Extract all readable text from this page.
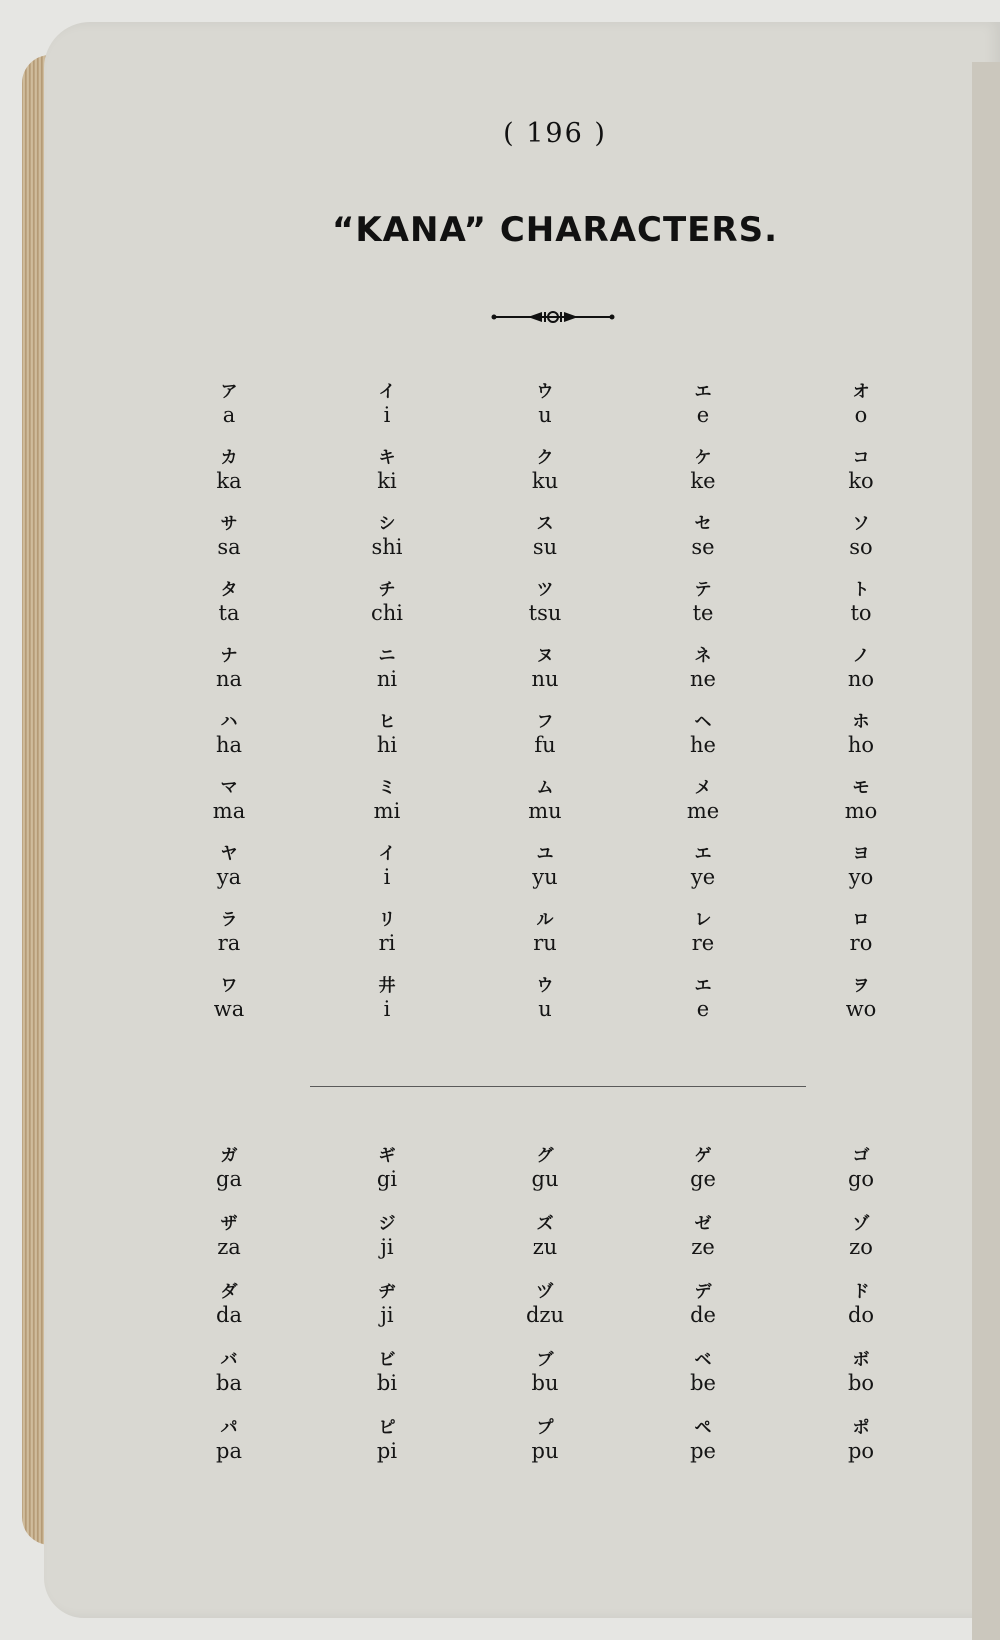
( 196 )
“KANA” CHARACTERS.
ア
a
イ
i
ウ
u
エ
e
オ
o
カ
ka
キ
ki
ク
ku
ケ
ke
コ
ko
サ
sa
シ
shi
ス
su
セ
se
ソ
so
タ
ta
チ
chi
ツ
tsu
テ
te
ト
to
ナ
na
ニ
ni
ヌ
nu
ネ
ne
ノ
no
ハ
ha
ヒ
hi
フ
fu
ヘ
he
ホ
ho
マ
ma
ミ
mi
ム
mu
メ
me
モ
mo
ヤ
ya
イ
i
ユ
yu
エ
ye
ヨ
yo
ラ
ra
リ
ri
ル
ru
レ
re
ロ
ro
ワ
wa
井
i
ウ
u
エ
e
ヲ
wo
ガ
ga
ギ
gi
グ
gu
ゲ
ge
ゴ
go
ザ
za
ジ
ji
ズ
zu
ゼ
ze
ゾ
zo
ダ
da
ヂ
ji
ヅ
dzu
デ
de
ド
do
バ
ba
ビ
bi
ブ
bu
ベ
be
ボ
bo
パ
pa
ピ
pi
プ
pu
ペ
pe
ポ
po
